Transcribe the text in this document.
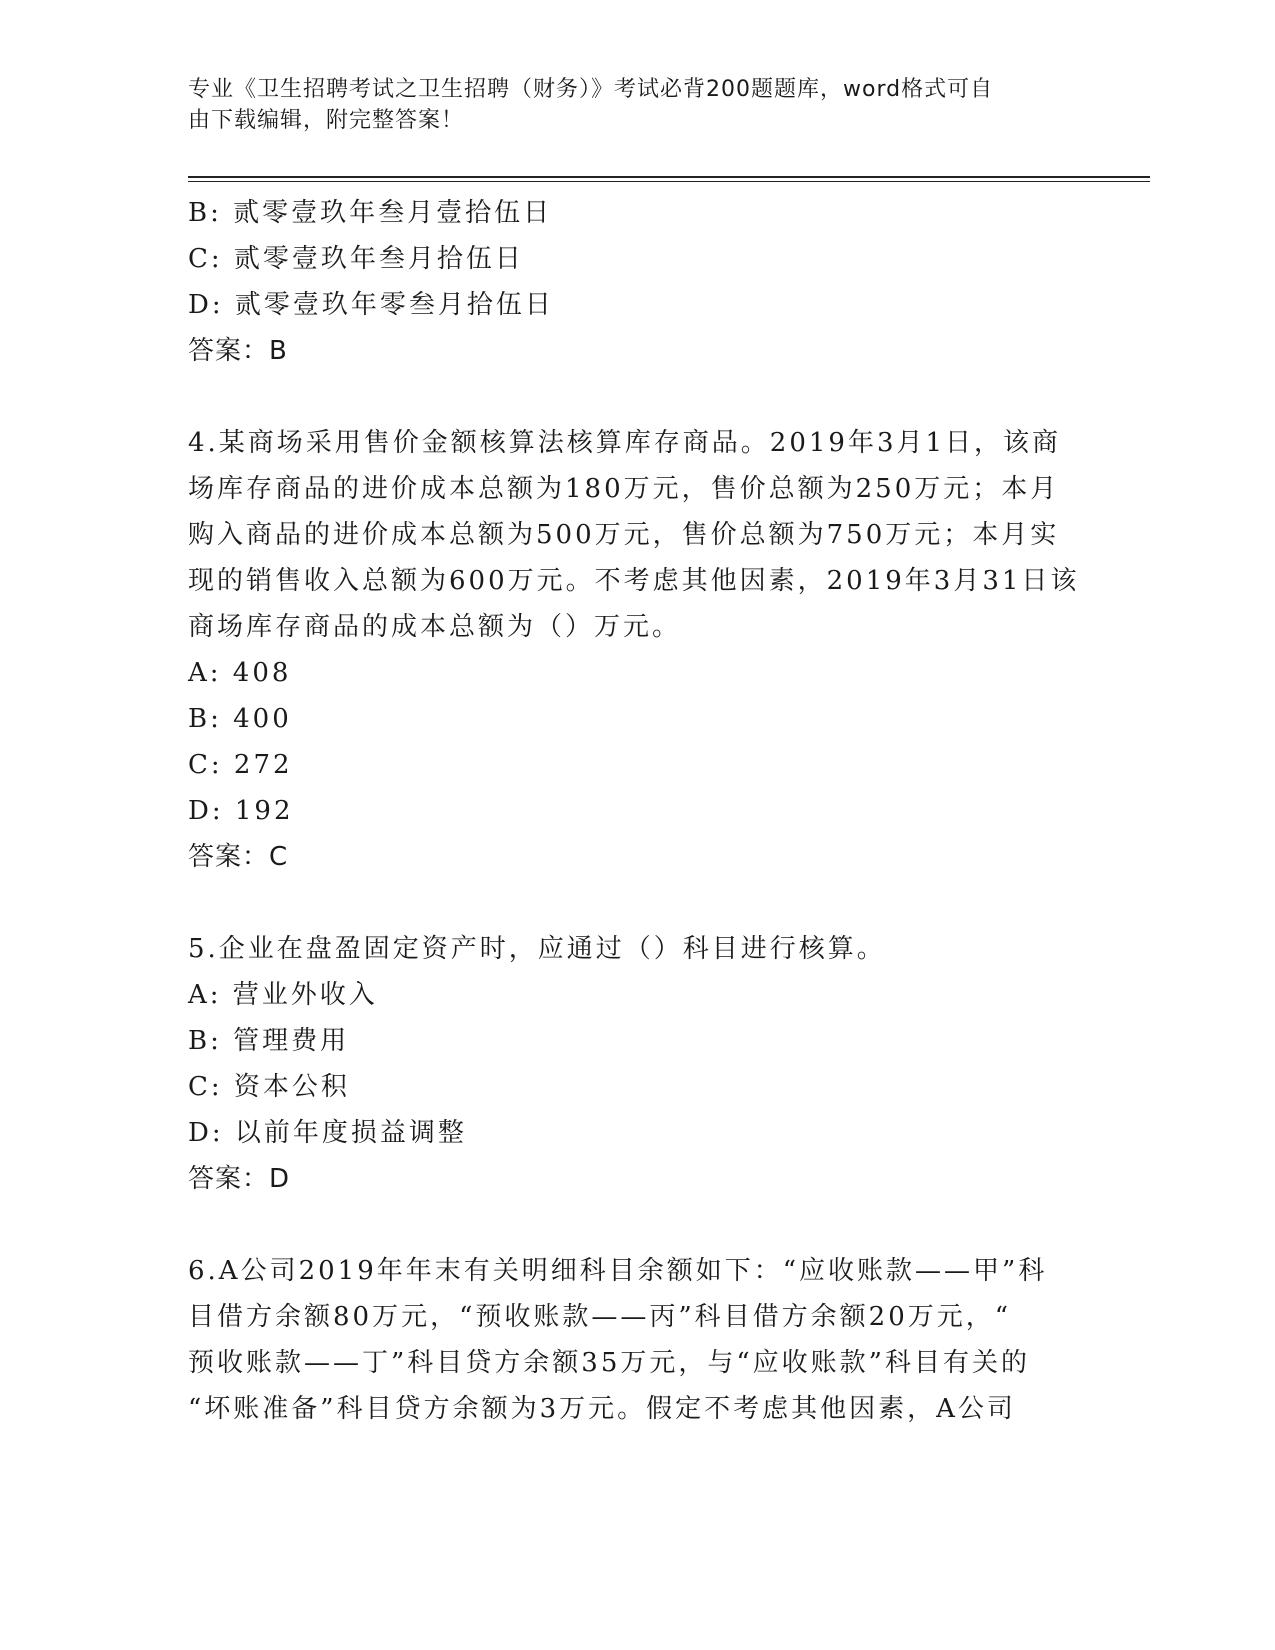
专业《卫生招聘考试之卫生招聘（财务）》考试必背200题题库，word格式可自
由下载编辑，附完整答案！
B: 贰零壹玖年叁月壹拾伍日
C: 贰零壹玖年叁月拾伍日
D: 贰零壹玖年零叁月拾伍日
答案：B
4.某商场采用售价金额核算法核算库存商品。2019年3月1日，该商
场库存商品的进价成本总额为180万元，售价总额为250万元；本月
购入商品的进价成本总额为500万元，售价总额为750万元；本月实
现的销售收入总额为600万元。不考虑其他因素，2019年3月31日该
商场库存商品的成本总额为（）万元。
A: 408
B: 400
C: 272
D: 192
答案：C
5.企业在盘盈固定资产时，应通过（）科目进行核算。
A: 营业外收入
B: 管理费用
C: 资本公积
D: 以前年度损益调整
答案：D
6.A公司2019年年末有关明细科目余额如下：“应收账款——甲”科
目借方余额80万元，“预收账款——丙”科目借方余额20万元，“
预收账款——丁”科目贷方余额35万元，与“应收账款”科目有关的
“坏账准备”科目贷方余额为3万元。假定不考虑其他因素，A公司
